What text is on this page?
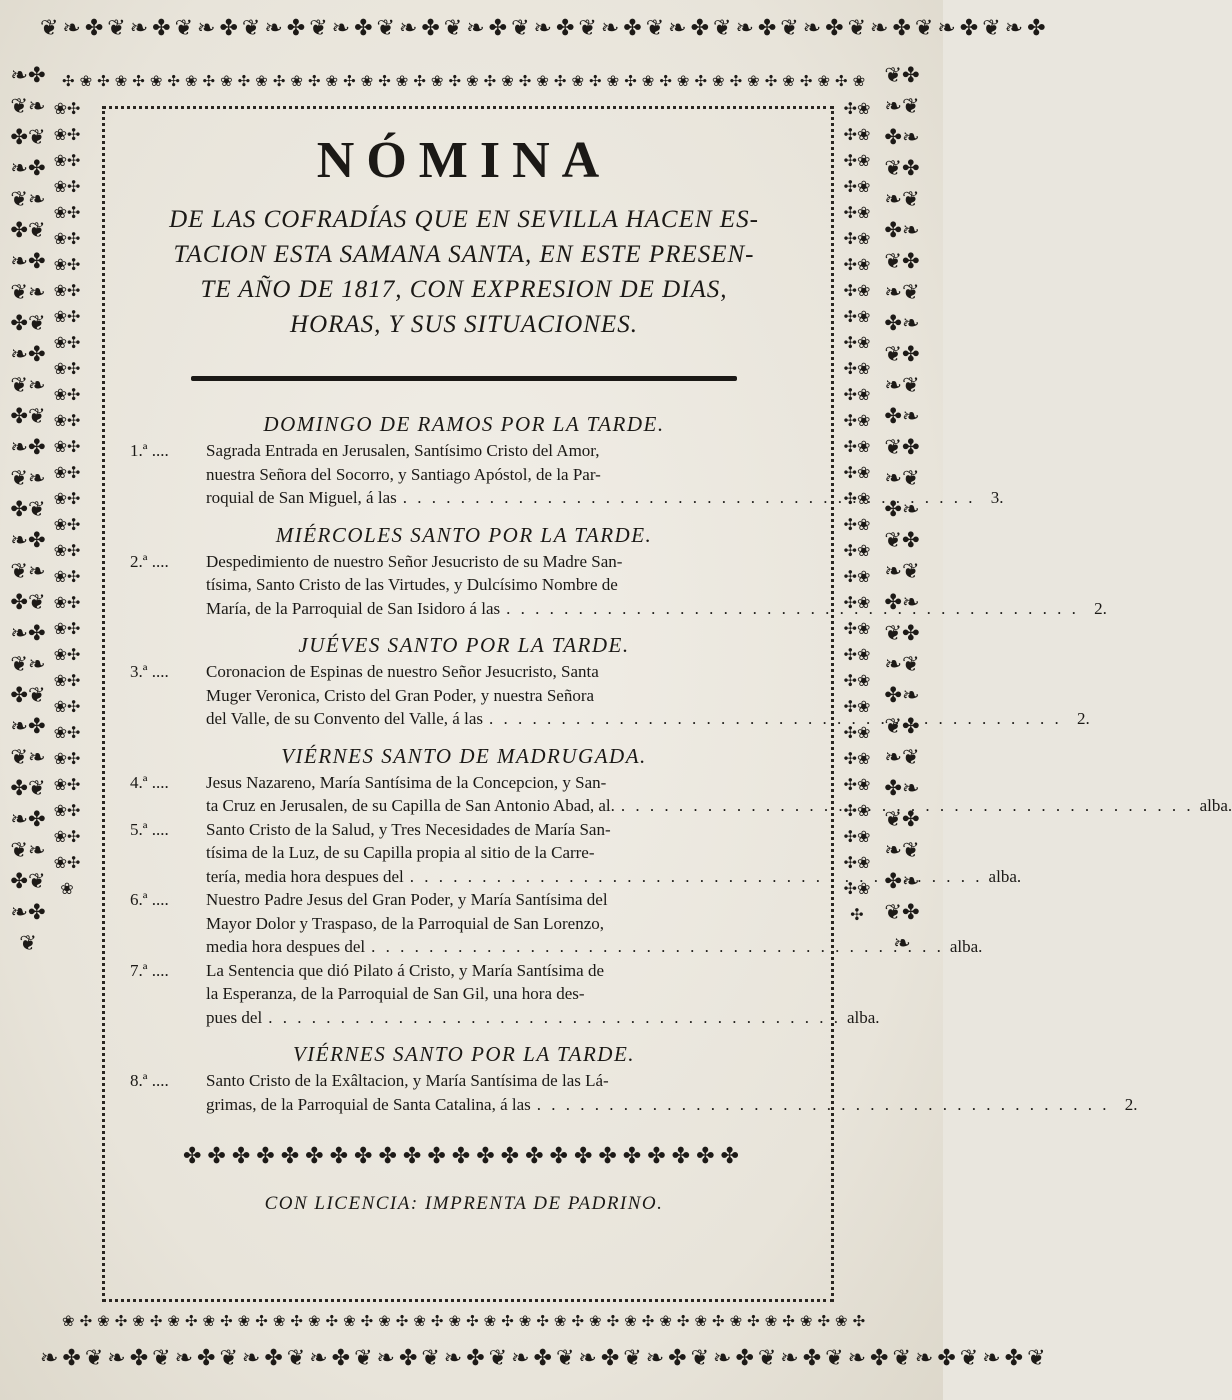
❦❧✤❦❧✤❦❧✤❦❧✤❦❧✤❦❧✤❦❧✤❦❧✤❦❧✤❦❧✤❦❧✤❦❧✤❦❧✤❦❧✤❦❧✤
✣❀✣❀✣❀✣❀✣❀✣❀✣❀✣❀✣❀✣❀✣❀✣❀✣❀✣❀✣❀✣❀✣❀✣❀✣❀✣❀✣❀✣❀✣❀
❧✤❦❧✤❦❧✤❦❧✤❦❧✤❦❧✤❦❧✤❦❧✤❦❧✤❦❧✤❦❧✤❦❧✤❦❧✤❦❧✤❦❧✤❦❧✤❦❧✤❦❧✤❦❧✤❦
❀✣❀✣❀✣❀✣❀✣❀✣❀✣❀✣❀✣❀✣❀✣❀✣❀✣❀✣❀✣❀✣❀✣❀✣❀✣❀✣❀✣❀✣❀✣❀✣❀✣❀✣❀✣❀✣❀✣❀✣❀
❦✤❧❦✤❧❦✤❧❦✤❧❦✤❧❦✤❧❦✤❧❦✤❧❦✤❧❦✤❧❦✤❧❦✤❧❦✤❧❦✤❧❦✤❧❦✤❧❦✤❧❦✤❧❦✤❧
✣❀✣❀✣❀✣❀✣❀✣❀✣❀✣❀✣❀✣❀✣❀✣❀✣❀✣❀✣❀✣❀✣❀✣❀✣❀✣❀✣❀✣❀✣❀✣❀✣❀✣❀✣❀✣❀✣❀✣❀✣❀✣
❀✣❀✣❀✣❀✣❀✣❀✣❀✣❀✣❀✣❀✣❀✣❀✣❀✣❀✣❀✣❀✣❀✣❀✣❀✣❀✣❀✣❀✣❀✣
❧✤❦❧✤❦❧✤❦❧✤❦❧✤❦❧✤❦❧✤❦❧✤❦❧✤❦❧✤❦❧✤❦❧✤❦❧✤❦❧✤❦❧✤❦
NÓMINA
DE LAS COFRADÍAS QUE EN SEVILLA HACEN ES-
TACION ESTA SAMANA SANTA, EN ESTE PRESEN-
TE AÑO DE 1817, CON EXPRESION DE DIAS,
HORAS, Y SUS SITUACIONES.
DOMINGO DE RAMOS POR LA TARDE.
1.ª ....	Sagrada Entrada en Jerusalen, Santísimo Cristo del Amor,
nuestra Señora del Socorro, y Santiago Apóstol, de la Par-
roquial de San Miguel, á las . . .	3.
MIÉRCOLES SANTO POR LA TARDE.
2.ª ....	Despedimiento de nuestro Señor Jesucristo de su Madre San-
tísima, Santo Cristo de las Virtudes, y Dulcísimo Nombre de
María, de la Parroquial de San Isidoro á las . . .	2.
JUÉVES SANTO POR LA TARDE.
3.ª ....	Coronacion de Espinas de nuestro Señor Jesucristo, Santa
Muger Veronica, Cristo del Gran Poder, y nuestra Señora
del Valle, de su Convento del Valle, á las . . .	2.
VIÉRNES SANTO DE MADRUGADA.
4.ª ....	Jesus Nazareno, María Santísima de la Concepcion, y San-
ta Cruz en Jerusalen, de su Capilla de San Antonio Abad, al. . . .	alba.
5.ª ....	Santo Cristo de la Salud, y Tres Necesidades de María San-
tísima de la Luz, de su Capilla propia al sitio de la Carre-
tería, media hora despues del . . .	alba.
6.ª ....	Nuestro Padre Jesus del Gran Poder, y María Santísima del
Mayor Dolor y Traspaso, de la Parroquial de San Lorenzo,
media hora despues del . . .	alba.
7.ª ....	La Sentencia que dió Pilato á Cristo, y María Santísima de
la Esperanza, de la Parroquial de San Gil, una hora des-
pues del . . .	alba.
VIÉRNES SANTO POR LA TARDE.
8.ª ....	Santo Cristo de la Exâltacion, y María Santísima de las Lá-
grimas, de la Parroquial de Santa Catalina, á las . . .	2.
✤✤✤✤✤✤✤✤✤✤✤✤✤✤✤✤✤✤✤✤✤✤✤
CON LICENCIA: IMPRENTA DE PADRINO.
